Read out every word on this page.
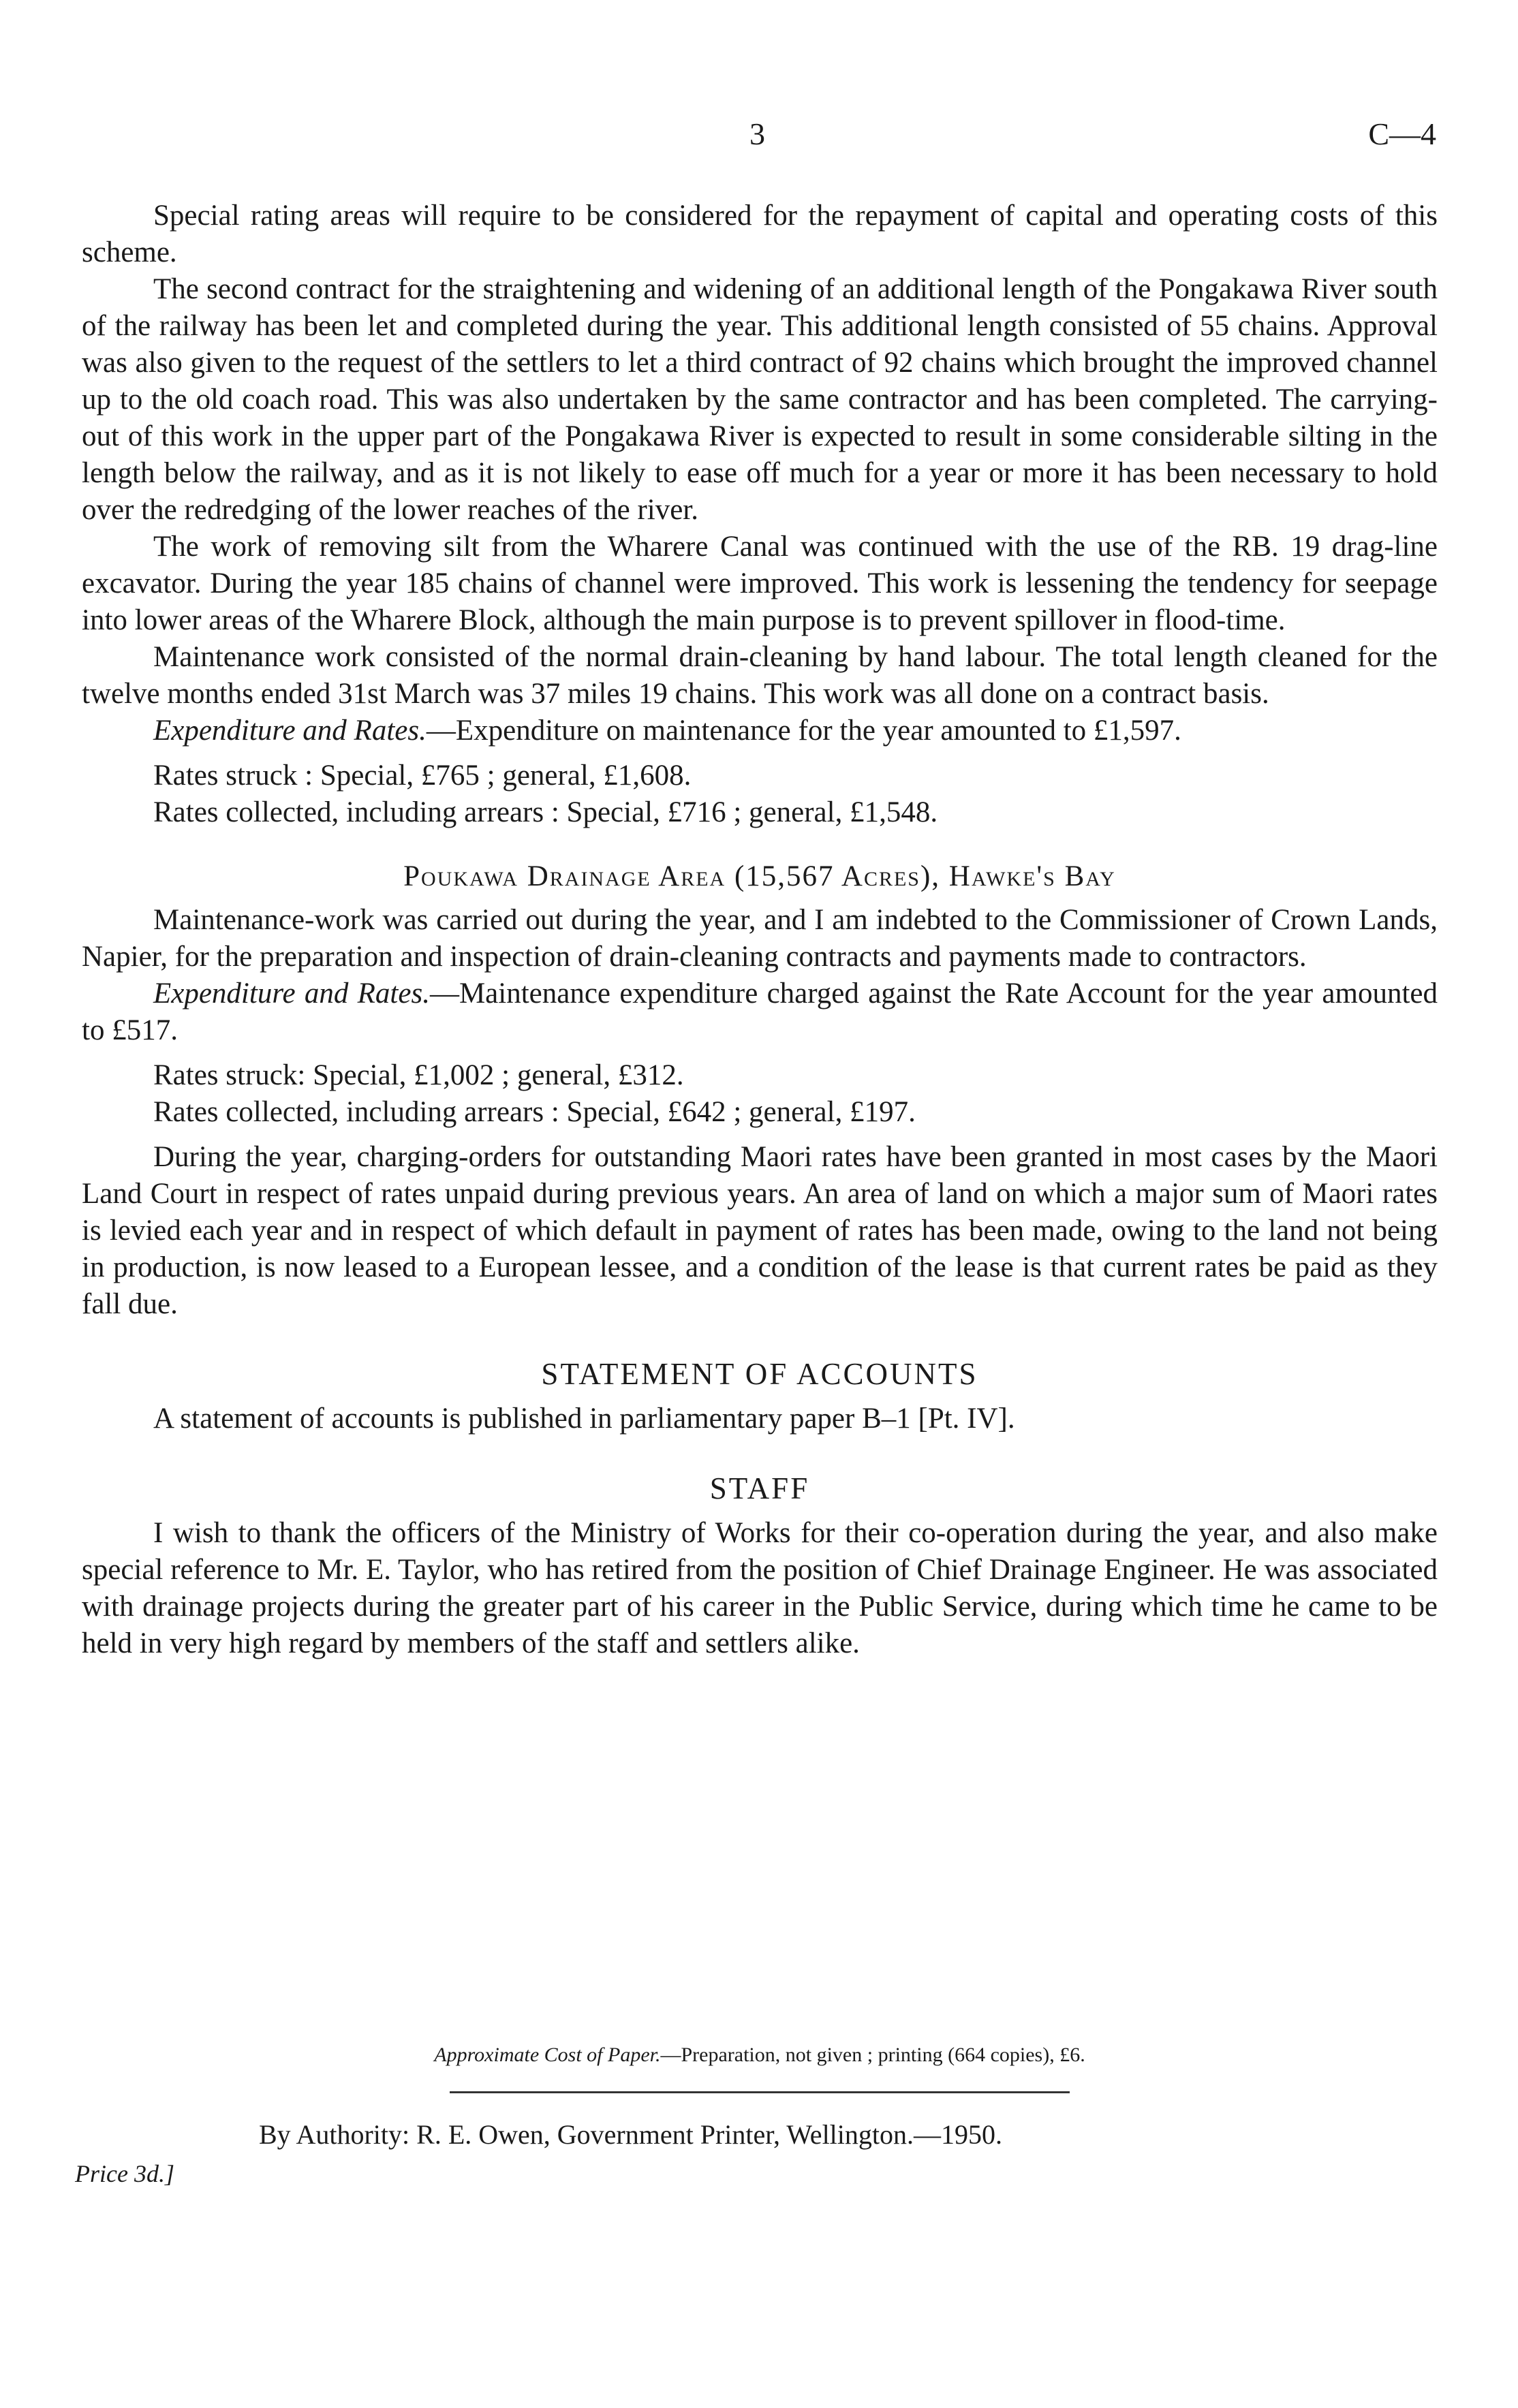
3	C—4

Special rating areas will require to be considered for the repayment of capital and operating costs of this scheme.

The second contract for the straightening and widening of an additional length of the Pongakawa River south of the railway has been let and completed during the year. This additional length consisted of 55 chains. Approval was also given to the request of the settlers to let a third contract of 92 chains which brought the improved channel up to the old coach road. This was also undertaken by the same contractor and has been completed. The carrying-out of this work in the upper part of the Pongakawa River is expected to result in some considerable silting in the length below the railway, and as it is not likely to ease off much for a year or more it has been necessary to hold over the redredging of the lower reaches of the river.

The work of removing silt from the Wharere Canal was continued with the use of the RB. 19 drag-line excavator. During the year 185 chains of channel were improved. This work is lessening the tendency for seepage into lower areas of the Wharere Block, although the main purpose is to prevent spillover in flood-time.

Maintenance work consisted of the normal drain-cleaning by hand labour. The total length cleaned for the twelve months ended 31st March was 37 miles 19 chains. This work was all done on a contract basis.

Expenditure and Rates.—Expenditure on maintenance for the year amounted to £1,597.

Rates struck : Special, £765 ; general, £1,608.

Rates collected, including arrears : Special, £716 ; general, £1,548.

Poukawa Drainage Area (15,567 Acres), Hawke's Bay

Maintenance-work was carried out during the year, and I am indebted to the Commissioner of Crown Lands, Napier, for the preparation and inspection of drain-cleaning contracts and payments made to contractors.

Expenditure and Rates.—Maintenance expenditure charged against the Rate Account for the year amounted to £517.

Rates struck: Special, £1,002 ; general, £312.

Rates collected, including arrears : Special, £642 ; general, £197.

During the year, charging-orders for outstanding Maori rates have been granted in most cases by the Maori Land Court in respect of rates unpaid during previous years. An area of land on which a major sum of Maori rates is levied each year and in respect of which default in payment of rates has been made, owing to the land not being in production, is now leased to a European lessee, and a condition of the lease is that current rates be paid as they fall due.

STATEMENT OF ACCOUNTS

A statement of accounts is published in parliamentary paper B–1 [Pt. IV].

STAFF

I wish to thank the officers of the Ministry of Works for their co-operation during the year, and also make special reference to Mr. E. Taylor, who has retired from the position of Chief Drainage Engineer. He was associated with drainage projects during the greater part of his career in the Public Service, during which time he came to be held in very high regard by members of the staff and settlers alike.

Approximate Cost of Paper.—Preparation, not given ; printing (664 copies), £6.
By Authority: R. E. Owen, Government Printer, Wellington.—1950.
Price 3d.]
